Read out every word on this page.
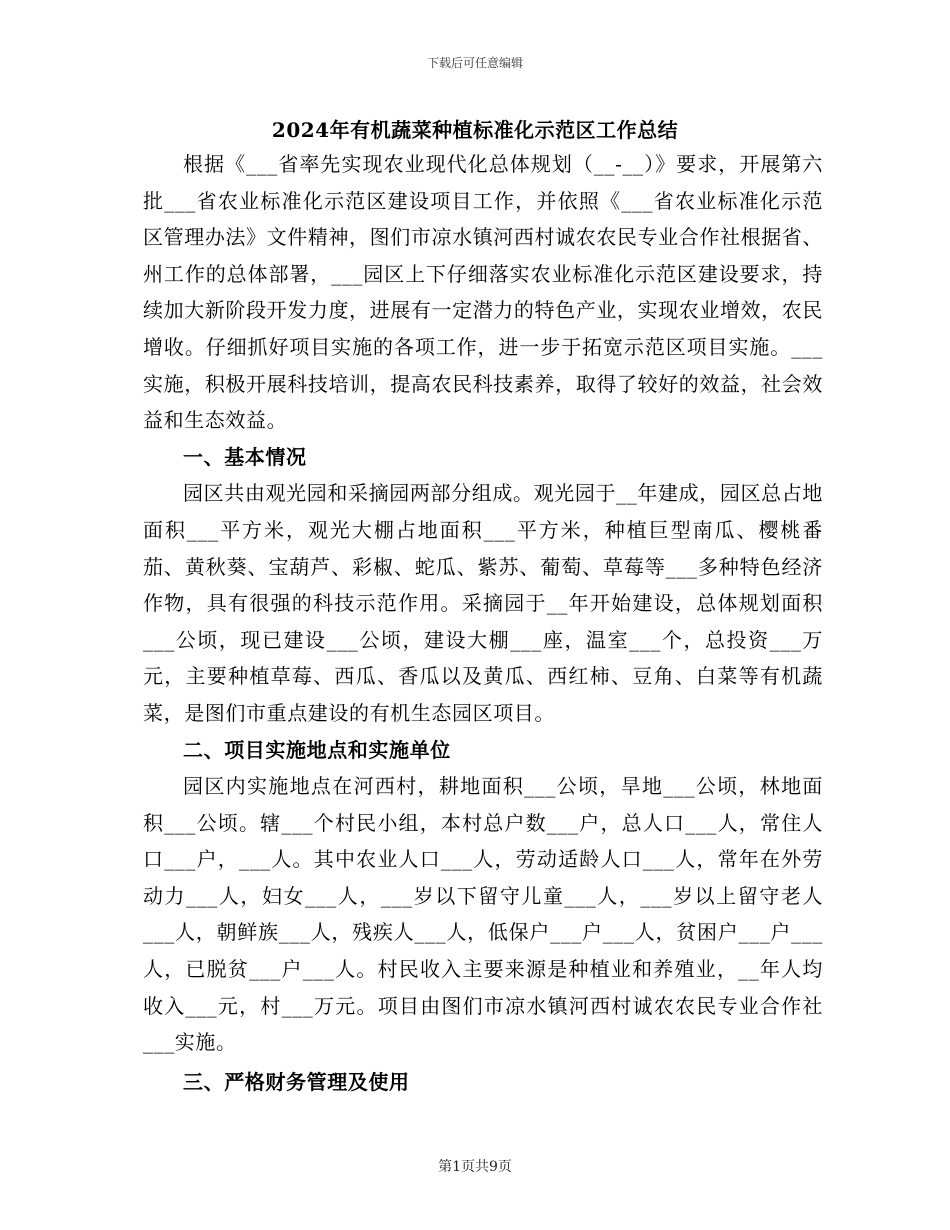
下载后可任意编辑
2024年有机蔬菜种植标准化示范区工作总结

根据《___省率先实现农业现代化总体规划（__-__）》要求，开展第六批___省农业标准化示范区建设项目工作，并依照《___省农业标准化示范区管理办法》文件精神，图们市凉水镇河西村诚农农民专业合作社根据省、州工作的总体部署，___园区上下仔细落实农业标准化示范区建设要求，持续加大新阶段开发力度，进展有一定潜力的特色产业，实现农业增效，农民增收。仔细抓好项目实施的各项工作，进一步于拓宽示范区项目实施。___实施，积极开展科技培训，提高农民科技素养，取得了较好的效益，社会效益和生态效益。

一、基本情况

园区共由观光园和采摘园两部分组成。观光园于__年建成，园区总占地面积___平方米，观光大棚占地面积___平方米，种植巨型南瓜、樱桃番茄、黄秋葵、宝葫芦、彩椒、蛇瓜、紫苏、葡萄、草莓等___多种特色经济作物，具有很强的科技示范作用。采摘园于__年开始建设，总体规划面积___公顷，现已建设___公顷，建设大棚___座，温室___个，总投资___万元，主要种植草莓、西瓜、香瓜以及黄瓜、西红柿、豆角、白菜等有机蔬菜，是图们市重点建设的有机生态园区项目。

二、项目实施地点和实施单位

园区内实施地点在河西村，耕地面积___公顷，旱地___公顷，林地面积___公顷。辖___个村民小组，本村总户数___户，总人口___人，常住人口___户，___人。其中农业人口___人，劳动适龄人口___人，常年在外劳动力___人，妇女___人，___岁以下留守儿童___人，___岁以上留守老人___人，朝鲜族___人，残疾人___人，低保户___户___人，贫困户___户___人，已脱贫___户___人。村民收入主要来源是种植业和养殖业，__年人均收入___元，村___万元。项目由图们市凉水镇河西村诚农农民专业合作社___实施。

三、严格财务管理及使用

第1页共9页
